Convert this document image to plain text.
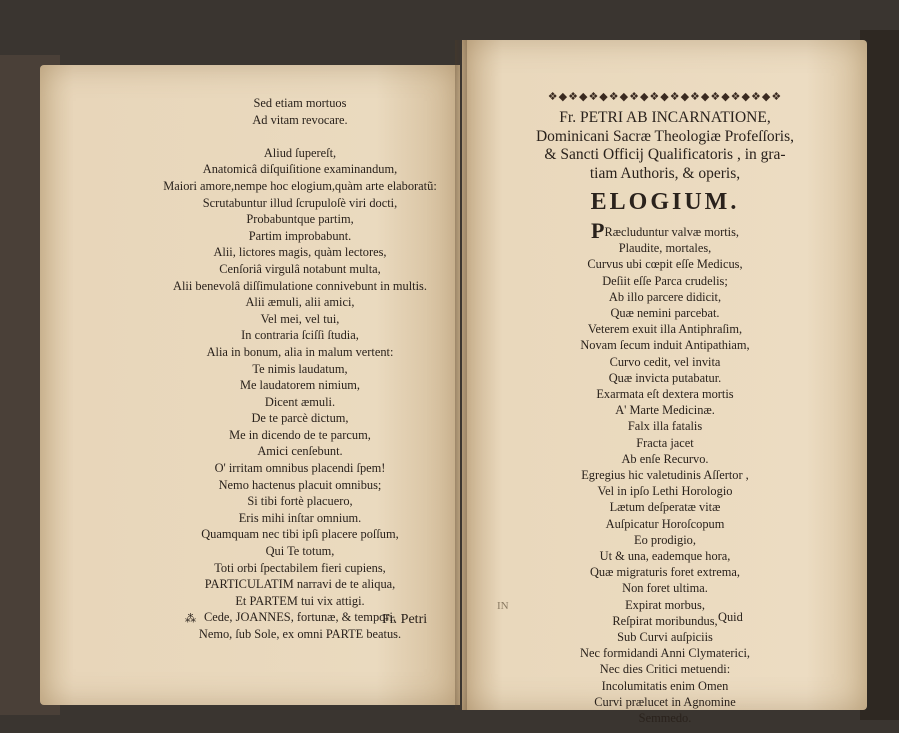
Sed etiam mortuos
Ad vitam revocare.

Aliud ſupereſt,
Anatomicâ diſquiſitione examinandum,
Maiori amore,nempe hoc elogium,quàm arte elaboratũ:
Scrutabuntur illud ſcrupuloſè viri docti,
Probabuntque partim,
Partim improbabunt.
Alii, lictores magis, quàm lectores,
Cenſoriâ virgulâ notabunt multa,
Alii benevolâ diſſimulatione connivebunt in multis.
Alii æmuli, alii amici,
Vel mei, vel tui,
In contraria ſciſſi ſtudia,
Alia in bonum, alia in malum vertent:
Te nimis laudatum,
Me laudatorem nimium,
Dicent æmuli.
De te parcè dictum,
Me in dicendo de te parcum,
Amici cenſebunt.
O' irritam omnibus placendi ſpem!
Nemo hactenus placuit omnibus;
Si tibi fortè placuero,
Eris mihi inſtar omnium.
Quamquam nec tibi ipſi placere poſſum,
Qui Te totum,
Toti orbi ſpectabilem fieri cupiens,
PARTICULATIM narravi de te aliqua,
Et PARTEM tui vix attigi.
Cede, JOANNES, fortunæ, & tempori,
Nemo, ſub Sole, ex omni PARTE beatus.
⁂	Fr. Petri
❖◆❖◆❖◆❖◆❖◆❖◆❖◆❖◆❖◆❖◆❖◆❖
Fr. PETRI AB INCARNATIONE,
Dominicani Sacræ Theologiæ Profeſſoris,
& Sancti Officij Qualificatoris , in gra-
tiam Authoris, & operis,
ELOGIUM.
PRæcluduntur valvæ mortis,
Plaudite, mortales,
Curvus ubi cœpit eſſe Medicus,
Deſiit eſſe Parca crudelis;
Ab illo parcere didicit,
Quæ nemini parcebat.
Veterem exuit illa Antiphraſim,
Novam ſecum induit Antipathiam,
Curvo cedit, vel invita
Quæ invicta putabatur.
Exarmata eſt dextera mortis
A' Marte Medicinæ.
Falx illa fatalis
Fracta jacet
Ab enſe Recurvo.
Egregius hic valetudinis Aſſertor ,
Vel in ipſo Lethi Horologio
Lætum deſperatæ vitæ
Auſpicatur Horoſcopum
Eo prodigio,
Ut & una, eademque hora,
Quæ migraturis foret extrema,
Non foret ultima.
Expirat morbus,
Reſpirat moribundus,
Sub Curvi auſpiciis
Nec formidandi Anni Clymaterici,
Nec dies Critici metuendi:
Incolumitatis enim Omen
Curvi prælucet in Agnomine
Semmedo.
IN
Quid
